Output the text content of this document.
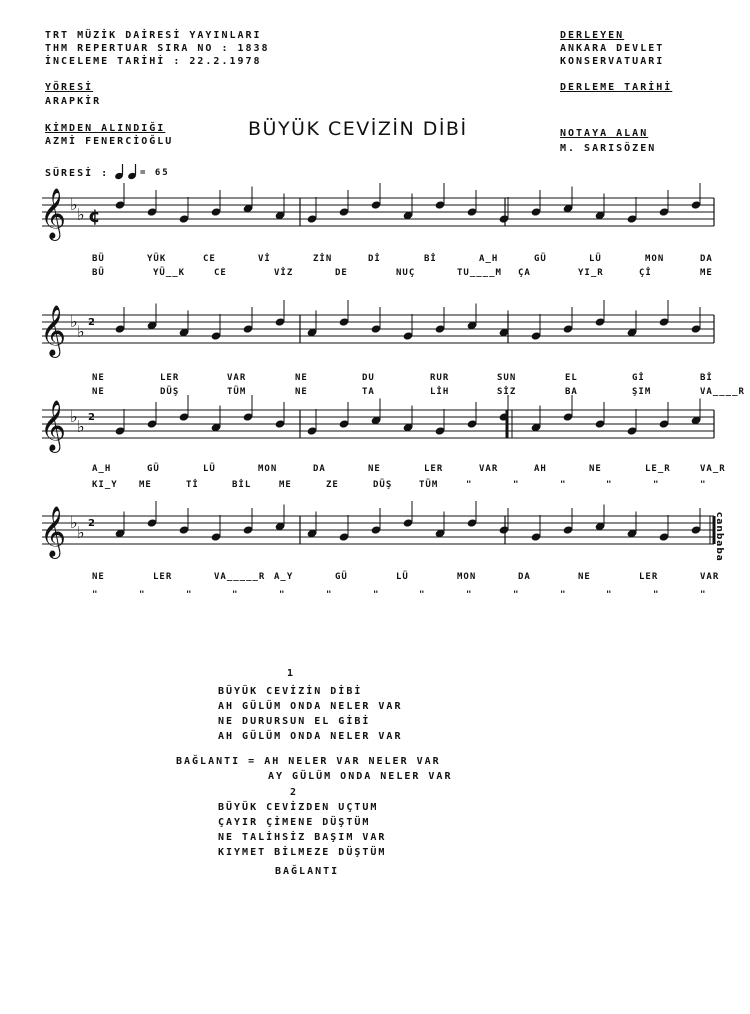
TRT MÜZİK DAİRESİ YAYINLARI
THM REPERTUAR SIRA NO : 1838
İNCELEME TARİHİ : 22.2.1978
YÖRESİ
ARAPKİR
KİMDEN ALINDIĞI
AZMİ FENERCİOĞLU
DERLEYEN
ANKARA DEVLET
KONSERVATUARI
DERLEME TARİHİ
NOTAYA ALAN
M. SARISÖZEN
BÜYÜK CEVİZİN DİBİ
SÜRESİ :	= 65
𝄞 ♭
♭ ¢
𝄞 ♭
♭ 2
𝄞 ♭
♭ 2
𝄞 ♭
♭ 2
BÜ	YÜK	CE	Vİ	ZİN	Dİ	Bİ	A_H	GÜ	LÜ	MON	DA
BÜ	YÜ__K	CE	VİZ	DE	NUÇ	TU____M ÇA	YI_R	Çİ	ME
NE	LER	VAR	NE	DU	RUR	SUN	EL	Gİ	Bİ
NE	DÜŞ	TÜM	NE	TA	LİH	SİZ	BA	ŞIM	VA____R
A_H	GÜ	LÜ	MON	DA	NE	LER	VAR	AH	NE	LE_R	VA_R
KI_Y ME	Tİ	BİL	ME	ZE	DÜŞ	TÜM	"	"	"	"	"	"
NE	LER	VA_____R A_Y	GÜ	LÜ	MON	DA	NE	LER	VAR
"	"	"	"	"	"	"	"	"	"	"	"	"	"
canbaba
1
BÜYÜK CEVİZİN DİBİ
AH GÜLÜM ONDA NELER VAR
NE DURURSUN EL GİBİ
AH GÜLÜM ONDA NELER VAR
BAĞLANTI = AH NELER VAR NELER VAR
AY GÜLÜM ONDA NELER VAR
2
BÜYÜK CEVİZDEN UÇTUM
ÇAYIR ÇİMENE DÜŞTÜM
NE TALİHSİZ BAŞIM VAR
KIYMET BİLMEZE DÜŞTÜM
BAĞLANTI
